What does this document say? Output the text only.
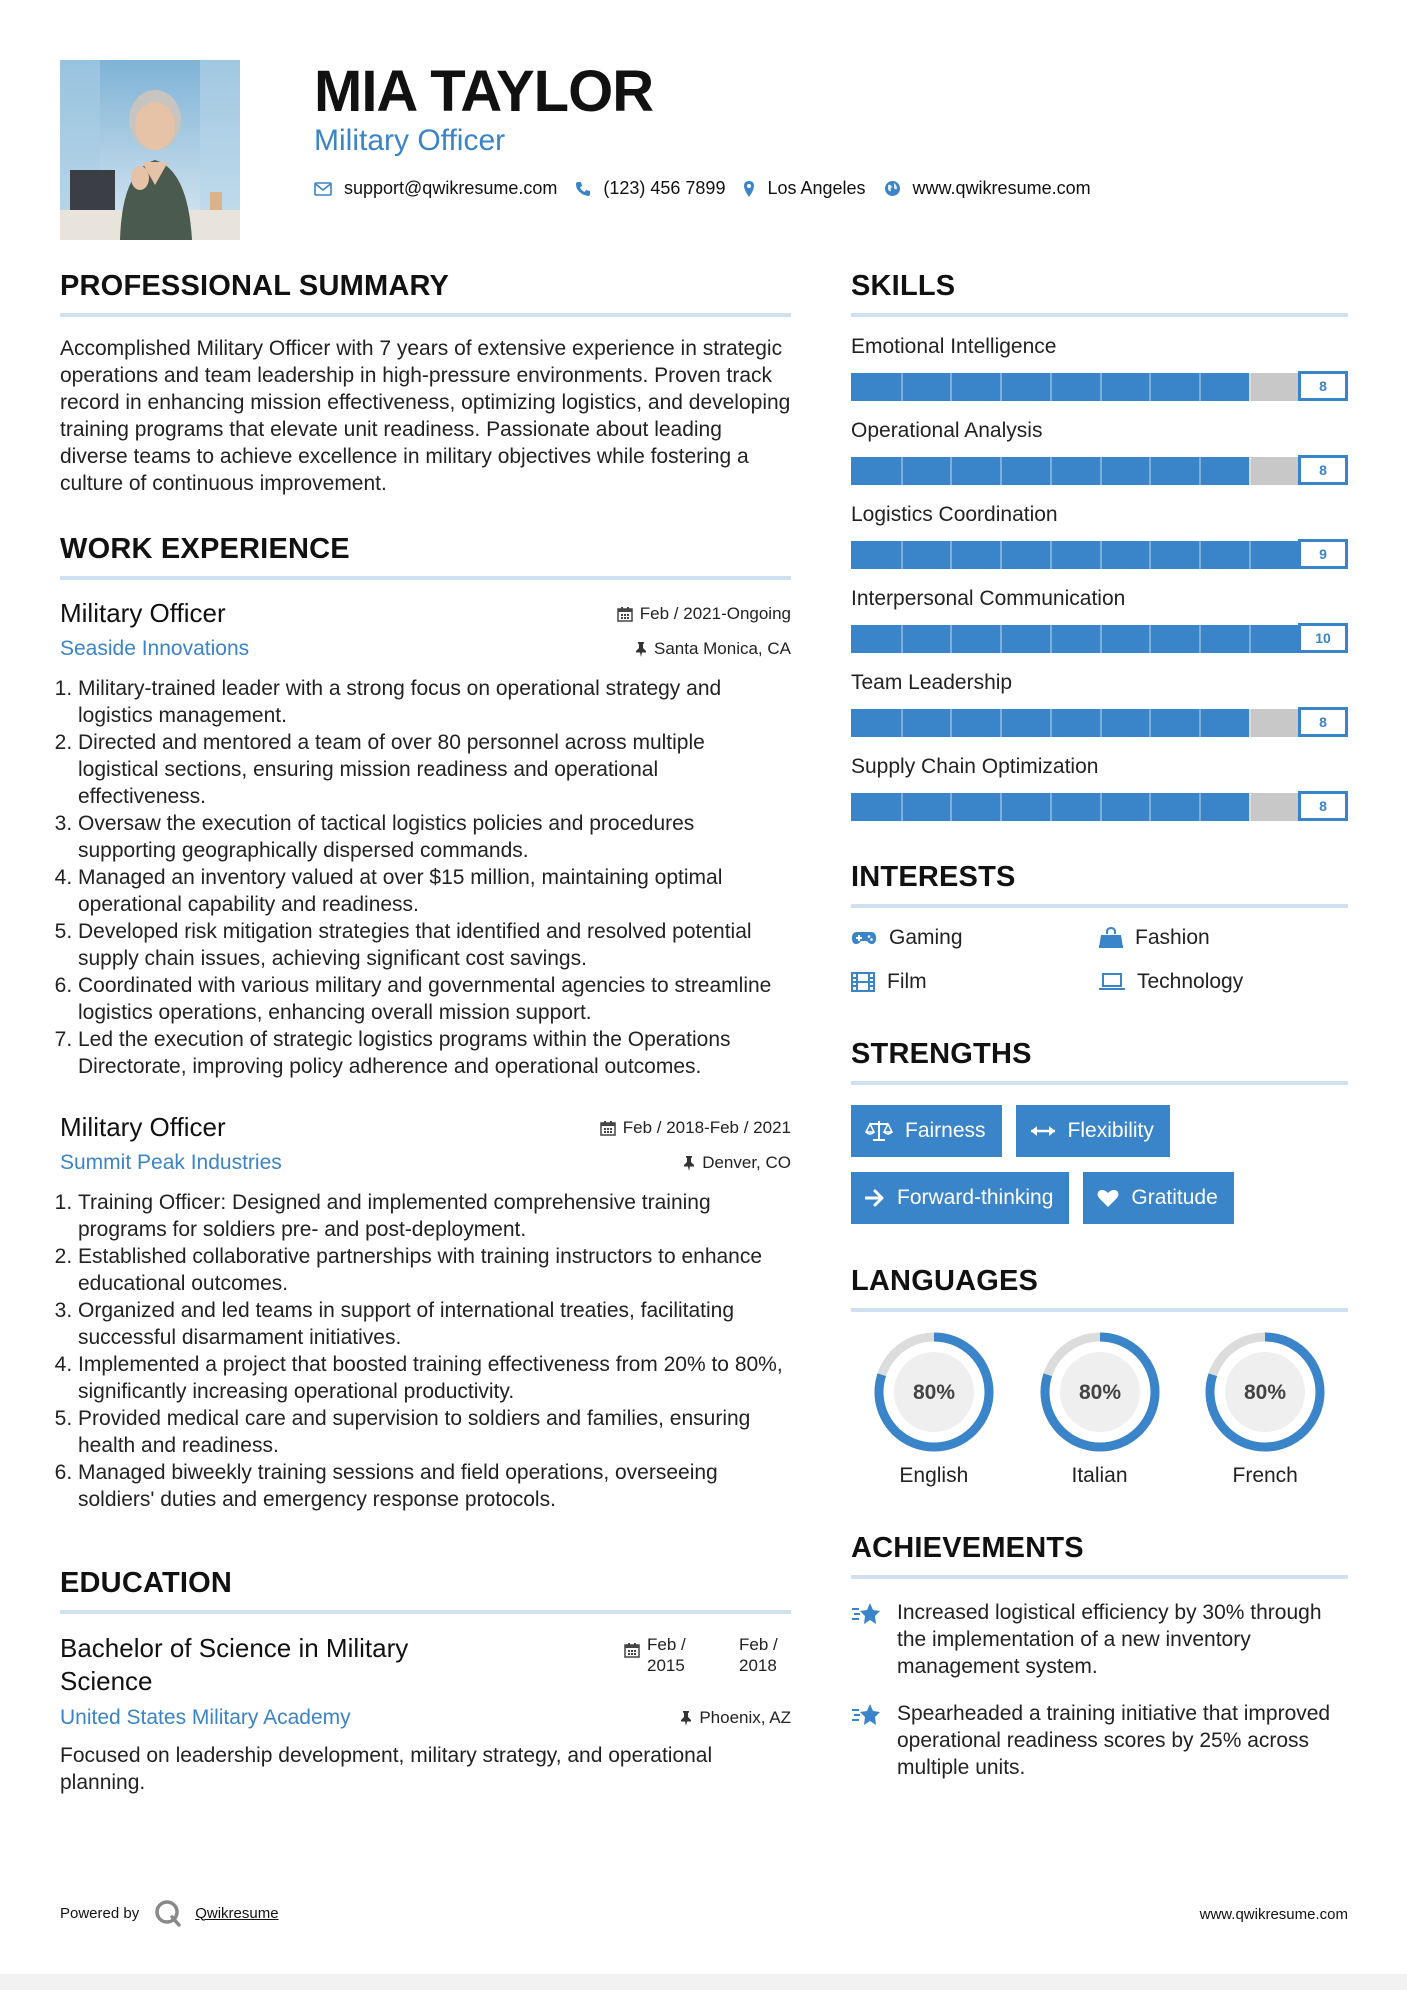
MIA TAYLOR
Military Officer
support@qwikresume.com	(123) 456 7899 Los Angeles	www.qwikresume.com
PROFESSIONAL SUMMARY

Accomplished Military Officer with 7 years of extensive experience in strategic operations and team leadership in high-pressure environments. Proven track record in enhancing mission effectiveness, optimizing logistics, and developing training programs that elevate unit readiness. Passionate about leading diverse teams to achieve excellence in military objectives while fostering a culture of continuous improvement.

WORK EXPERIENCE
Military Officer	Feb / 2021-Ongoing
Seaside Innovations	Santa Monica, CA
1. Military-trained leader with a strong focus on operational strategy and logistics management.
2. Directed and mentored a team of over 80 personnel across multiple logistical sections, ensuring mission readiness and operational effectiveness.
3. Oversaw the execution of tactical logistics policies and procedures supporting geographically dispersed commands.
4. Managed an inventory valued at over $15 million, maintaining optimal operational capability and readiness.
5. Developed risk mitigation strategies that identified and resolved potential supply chain issues, achieving significant cost savings.
6. Coordinated with various military and governmental agencies to streamline logistics operations, enhancing overall mission support.
7. Led the execution of strategic logistics programs within the Operations Directorate, improving policy adherence and operational outcomes.
Military Officer	Feb / 2018-Feb / 2021
Summit Peak Industries	Denver, CO
1. Training Officer: Designed and implemented comprehensive training programs for soldiers pre- and post-deployment.
2. Established collaborative partnerships with training instructors to enhance educational outcomes.
3. Organized and led teams in support of international treaties, facilitating successful disarmament initiatives.
4. Implemented a project that boosted training effectiveness from 20% to 80%, significantly increasing operational productivity.
5. Provided medical care and supervision to soldiers and families, ensuring health and readiness.
6. Managed biweekly training sessions and field operations, overseeing soldiers' duties and emergency response protocols.
EDUCATION
Bachelor of Science in Military Science
Feb / 2015
Feb / 2018
United States Military Academy	Phoenix, AZ

Focused on leadership development, military strategy, and operational planning.

SKILLS
Emotional Intelligence
8
Operational Analysis
8
Logistics Coordination
9
Interpersonal Communication
10
Team Leadership
8
Supply Chain Optimization
8
INTERESTS
Gaming	Fashion
Film	Technology
STRENGTHS
Fairness	Flexibility
Forward-thinking	Gratitude
LANGUAGES
80%
English
80%
Italian
80%
French
ACHIEVEMENTS
Increased logistical efficiency by 30% through the implementation of a new inventory management system.
Spearheaded a training initiative that improved operational readiness scores by 25% across multiple units.
Powered by	Qwikresume	www.qwikresume.com
